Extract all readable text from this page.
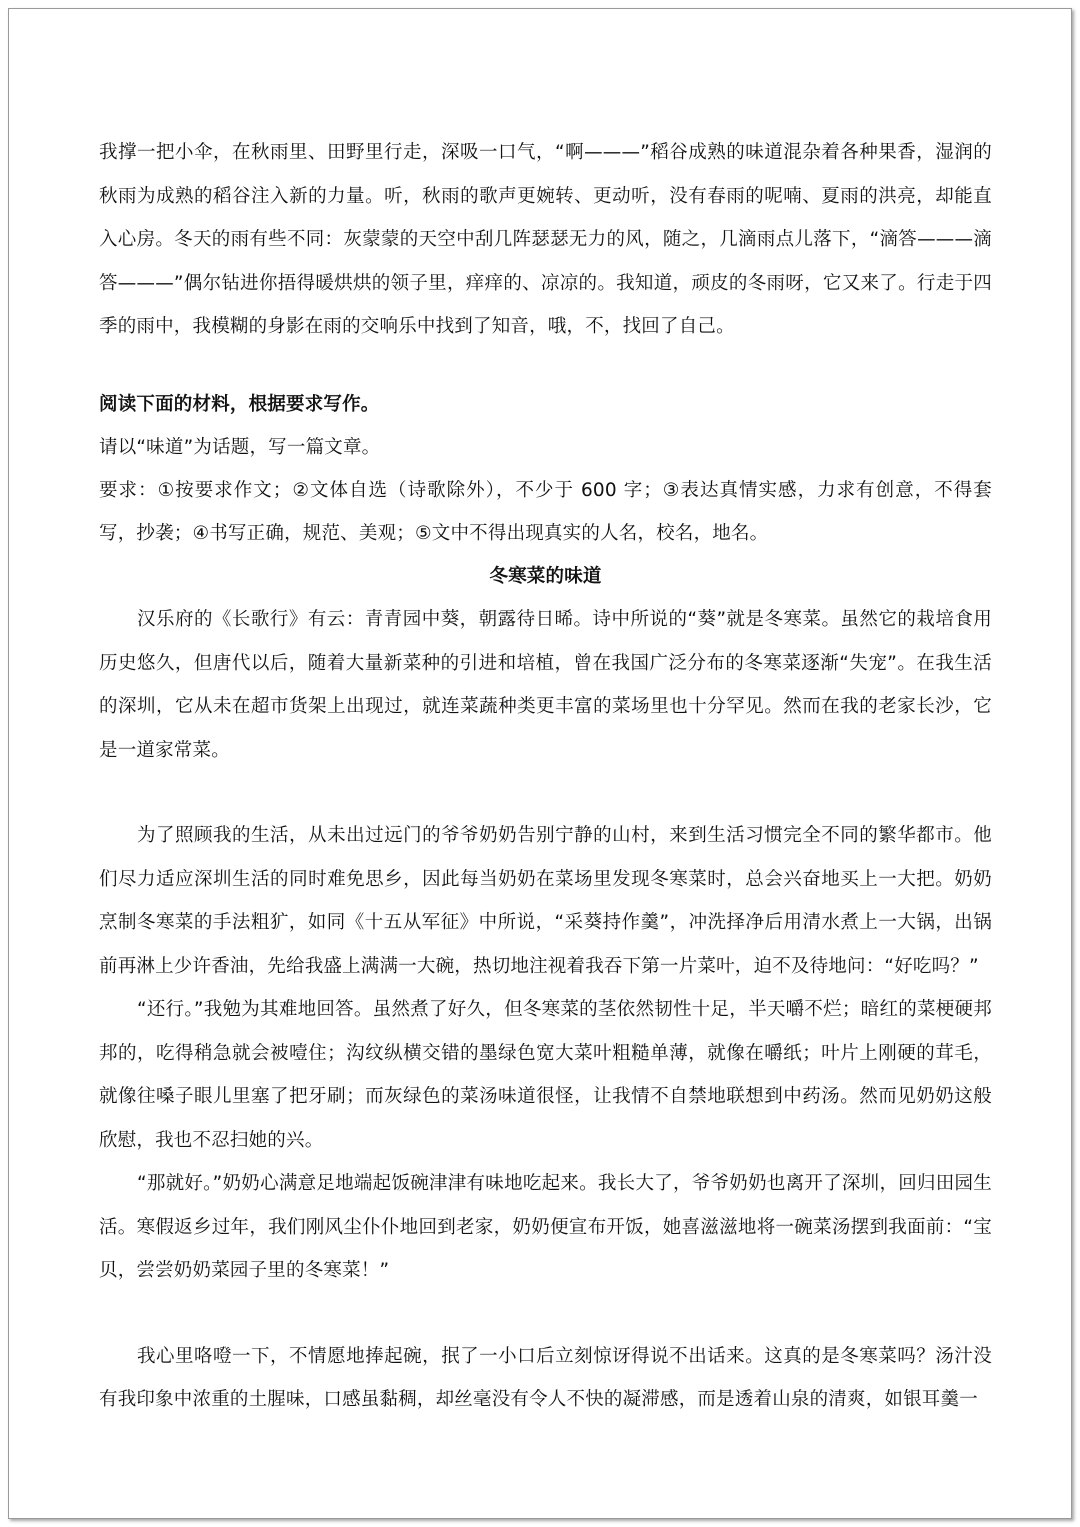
我撑一把小伞，在秋雨里、田野里行走，深吸一口气，“啊———”稻谷成熟的味道混杂着各种果香，湿润的秋雨为成熟的稻谷注入新的力量。听，秋雨的歌声更婉转、更动听，没有春雨的呢喃、夏雨的洪亮，却能直入心房。冬天的雨有些不同：灰蒙蒙的天空中刮几阵瑟瑟无力的风，随之，几滴雨点儿落下，“滴答———滴答———”偶尔钻进你捂得暖烘烘的领子里，痒痒的、凉凉的。我知道，顽皮的冬雨呀，它又来了。行走于四季的雨中，我模糊的身影在雨的交响乐中找到了知音，哦，不，找回了自己。

阅读下面的材料，根据要求写作。

请以“味道”为话题，写一篇文章。

要求：①按要求作文；②文体自选（诗歌除外），不少于 600 字；③表达真情实感，力求有创意，不得套写，抄袭；④书写正确，规范、美观；⑤文中不得出现真实的人名，校名，地名。

冬寒菜的味道

汉乐府的《长歌行》有云：青青园中葵，朝露待日晞。诗中所说的“葵”就是冬寒菜。虽然它的栽培食用历史悠久，但唐代以后，随着大量新菜种的引进和培植，曾在我国广泛分布的冬寒菜逐渐“失宠”。在我生活的深圳，它从未在超市货架上出现过，就连菜蔬种类更丰富的菜场里也十分罕见。然而在我的老家长沙，它是一道家常菜。

为了照顾我的生活，从未出过远门的爷爷奶奶告别宁静的山村，来到生活习惯完全不同的繁华都市。他们尽力适应深圳生活的同时难免思乡，因此每当奶奶在菜场里发现冬寒菜时，总会兴奋地买上一大把。奶奶烹制冬寒菜的手法粗犷，如同《十五从军征》中所说，“采葵持作羹”，冲洗择净后用清水煮上一大锅，出锅前再淋上少许香油，先给我盛上满满一大碗，热切地注视着我吞下第一片菜叶，迫不及待地问：“好吃吗？”

“还行。”我勉为其难地回答。虽然煮了好久，但冬寒菜的茎依然韧性十足，半天嚼不烂；暗红的菜梗硬邦邦的，吃得稍急就会被噎住；沟纹纵横交错的墨绿色宽大菜叶粗糙单薄，就像在嚼纸；叶片上刚硬的茸毛，就像往嗓子眼儿里塞了把牙刷；而灰绿色的菜汤味道很怪，让我情不自禁地联想到中药汤。然而见奶奶这般欣慰，我也不忍扫她的兴。

“那就好。”奶奶心满意足地端起饭碗津津有味地吃起来。我长大了，爷爷奶奶也离开了深圳，回归田园生活。寒假返乡过年，我们刚风尘仆仆地回到老家，奶奶便宣布开饭，她喜滋滋地将一碗菜汤摆到我面前：“宝贝，尝尝奶奶菜园子里的冬寒菜！”

我心里咯噔一下，不情愿地捧起碗，抿了一小口后立刻惊讶得说不出话来。这真的是冬寒菜吗？汤汁没有我印象中浓重的土腥味，口感虽黏稠，却丝毫没有令人不快的凝滞感，而是透着山泉的清爽，如银耳羹一
